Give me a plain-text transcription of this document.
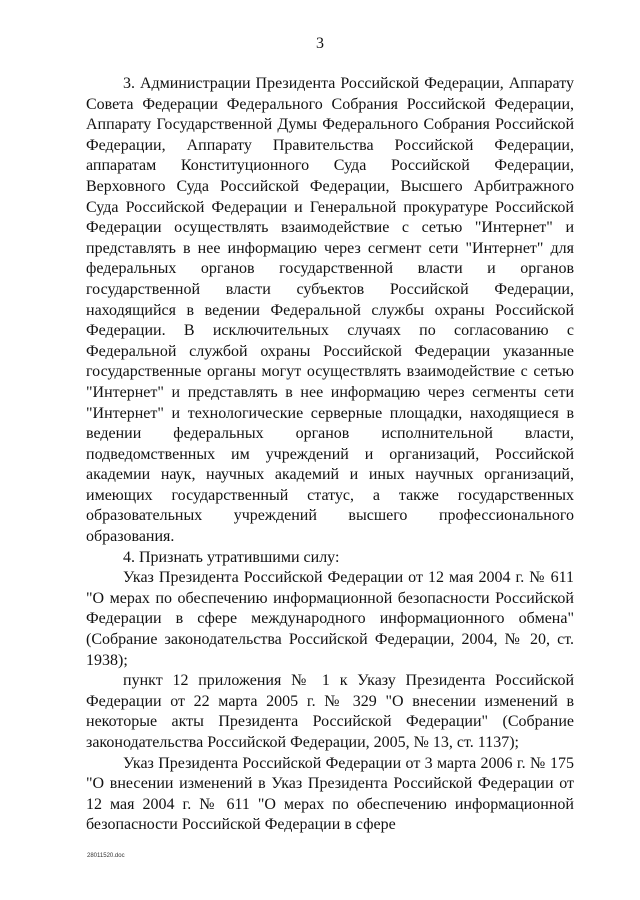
3

3. Администрации Президента Российской Федерации, Аппарату Совета Федерации Федерального Собрания Российской Федерации, Аппарату Государственной Думы Федерального Собрания Российской Федерации, Аппарату Правительства Российской Федерации, аппаратам Конституционного Суда Российской Федерации, Верховного Суда Российской Федерации, Высшего Арбитражного Суда Российской Федерации и Генеральной прокуратуре Российской Федерации осуществлять взаимодействие с сетью "Интернет" и представлять в нее информацию через сегмент сети "Интернет" для федеральных органов государственной власти и органов государственной власти субъектов Российской Федерации, находящийся в ведении Федеральной службы охраны Российской Федерации. В исключительных случаях по согласованию с Федеральной службой охраны Российской Федерации указанные государственные органы могут осуществлять взаимодействие с сетью "Интернет" и представлять в нее информацию через сегменты сети "Интернет" и технологические серверные площадки, находящиеся в ведении федеральных органов исполнительной власти, подведомственных им учреждений и организаций, Российской академии наук, научных академий и иных научных организаций, имеющих государственный статус, а также государственных образовательных учреждений высшего профессионального образования.

4. Признать утратившими силу:

Указ Президента Российской Федерации от 12 мая 2004 г. № 611 "О мерах по обеспечению информационной безопасности Российской Федерации в сфере международного информационного обмена" (Собрание законодательства Российской Федерации, 2004, № 20, ст. 1938);

пункт 12 приложения № 1 к Указу Президента Российской Федерации от 22 марта 2005 г. № 329 "О внесении изменений в некоторые акты Президента Российской Федерации" (Собрание законодательства Российской Федерации, 2005, № 13, ст. 1137);

Указ Президента Российской Федерации от 3 марта 2006 г. № 175 "О внесении изменений в Указ Президента Российской Федерации от 12 мая 2004 г. № 611 "О мерах по обеспечению информационной безопасности Российской Федерации в сфере

28011520.doc
